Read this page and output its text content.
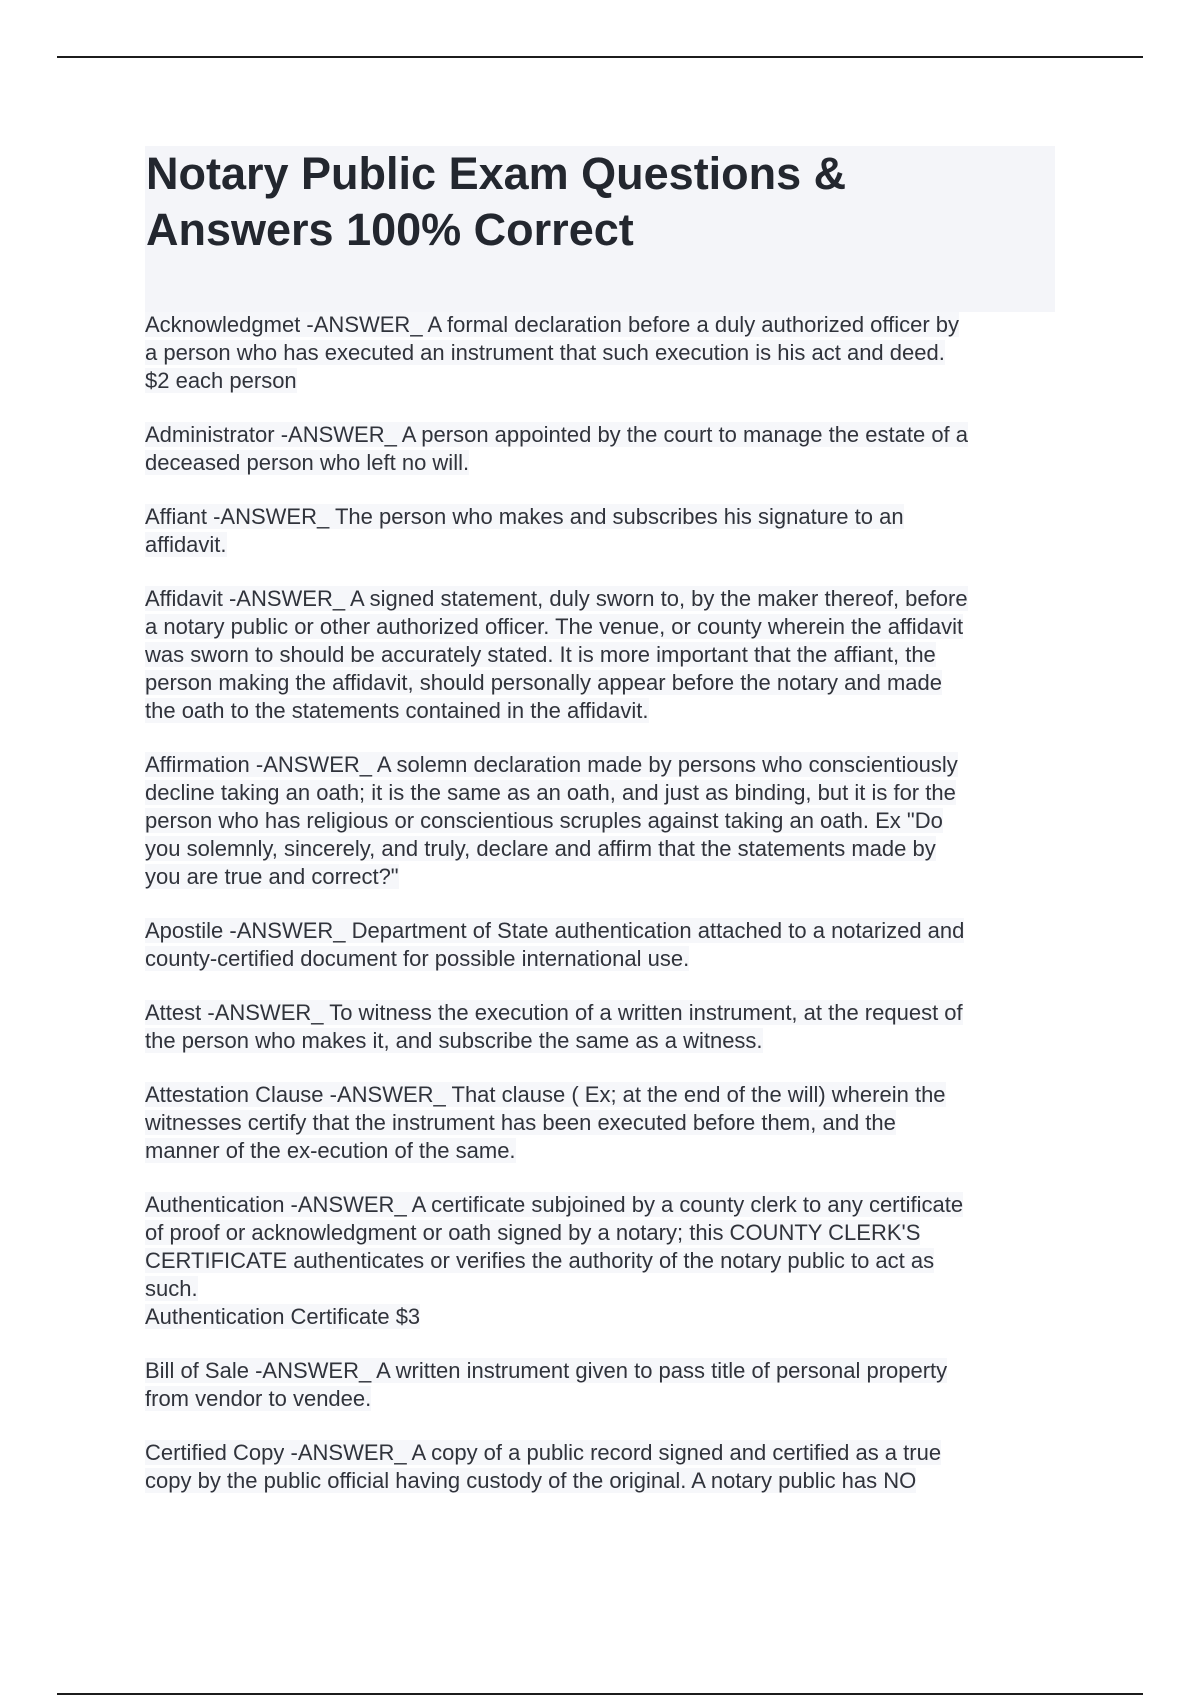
Notary Public Exam Questions &
Answers 100% Correct

Acknowledgmet -ANSWER_ A formal declaration before a duly authorized officer by
a person who has executed an instrument that such execution is his act and deed.
$2 each person

Administrator -ANSWER_ A person appointed by the court to manage the estate of a
deceased person who left no will.

Affiant -ANSWER_ The person who makes and subscribes his signature to an
affidavit.

Affidavit -ANSWER_ A signed statement, duly sworn to, by the maker thereof, before
a notary public or other authorized officer. The venue, or county wherein the affidavit
was sworn to should be accurately stated. It is more important that the affiant, the
person making the affidavit, should personally appear before the notary and made
the oath to the statements contained in the affidavit.

Affirmation -ANSWER_ A solemn declaration made by persons who conscientiously
decline taking an oath; it is the same as an oath, and just as binding, but it is for the
person who has religious or conscientious scruples against taking an oath. Ex "Do
you solemnly, sincerely, and truly, declare and affirm that the statements made by
you are true and correct?"

Apostile -ANSWER_ Department of State authentication attached to a notarized and
county-certified document for possible international use.

Attest -ANSWER_ To witness the execution of a written instrument, at the request of
the person who makes it, and subscribe the same as a witness.

Attestation Clause -ANSWER_ That clause ( Ex; at the end of the will) wherein the
witnesses certify that the instrument has been executed before them, and the
manner of the ex-ecution of the same.

Authentication -ANSWER_ A certificate subjoined by a county clerk to any certificate
of proof or acknowledgment or oath signed by a notary; this COUNTY CLERK'S
CERTIFICATE authenticates or verifies the authority of the notary public to act as
such.
Authentication Certificate $3

Bill of Sale -ANSWER_ A written instrument given to pass title of personal property
from vendor to vendee.

Certified Copy -ANSWER_ A copy of a public record signed and certified as a true
copy by the public official having custody of the original. A notary public has NO
